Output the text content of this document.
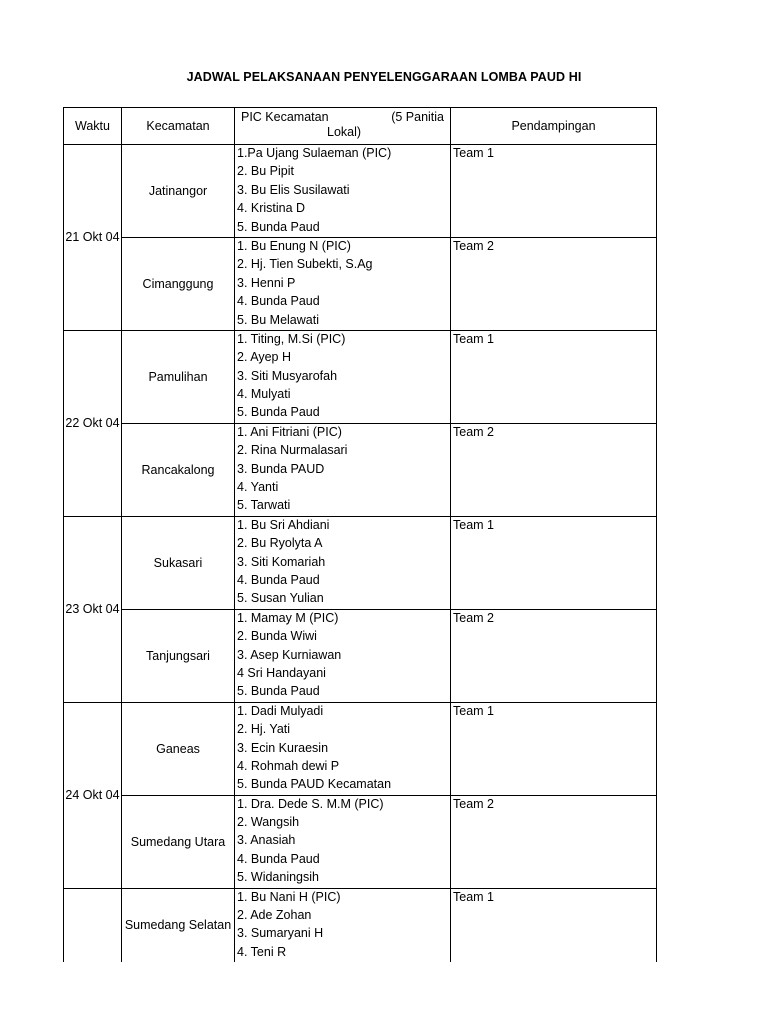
JADWAL PELAKSANAAN PENYELENGGARAAN LOMBA PAUD HI
Waktu	Kecamatan	PIC Kecamatan (5 Panitia
Lokal)	Pendampingan
21 Okt 04	Jatinangor	1.Pa Ujang Sulaeman (PIC)
2. Bu Pipit
3. Bu Elis Susilawati
4. Kristina D
5. Bunda Paud	Team 1

	Cimanggung	1. Bu Enung N (PIC)
2. Hj. Tien Subekti, S.Ag
3. Henni P
4. Bunda Paud
5. Bu Melawati	Team 2

22 Okt 04	Pamulihan	1. Titing, M.Si (PIC)
2. Ayep H
3. Siti Musyarofah
4. Mulyati
5. Bunda Paud	Team 1

	Rancakalong	1. Ani Fitriani (PIC)
2. Rina Nurmalasari
3. Bunda PAUD
4. Yanti
5. Tarwati	Team 2

23 Okt 04	Sukasari	1. Bu Sri Ahdiani
2. Bu Ryolyta A
3. Siti Komariah
4. Bunda Paud
5. Susan Yulian	Team 1

	Tanjungsari	1. Mamay M (PIC)
2. Bunda Wiwi
3. Asep Kurniawan
4 Sri Handayani
5. Bunda Paud	Team 2

24 Okt 04	Ganeas	1. Dadi Mulyadi
2. Hj. Yati
3. Ecin Kuraesin
4. Rohmah dewi P
5. Bunda PAUD Kecamatan	Team 1

	Sumedang Utara	1. Dra. Dede S. M.M (PIC)
2. Wangsih
3. Anasiah
4. Bunda Paud
5. Widaningsih	Team 2

	Sumedang Selatan	1. Bu Nani H (PIC)
2. Ade Zohan
3. Sumaryani H
4. Teni R	Team 1
